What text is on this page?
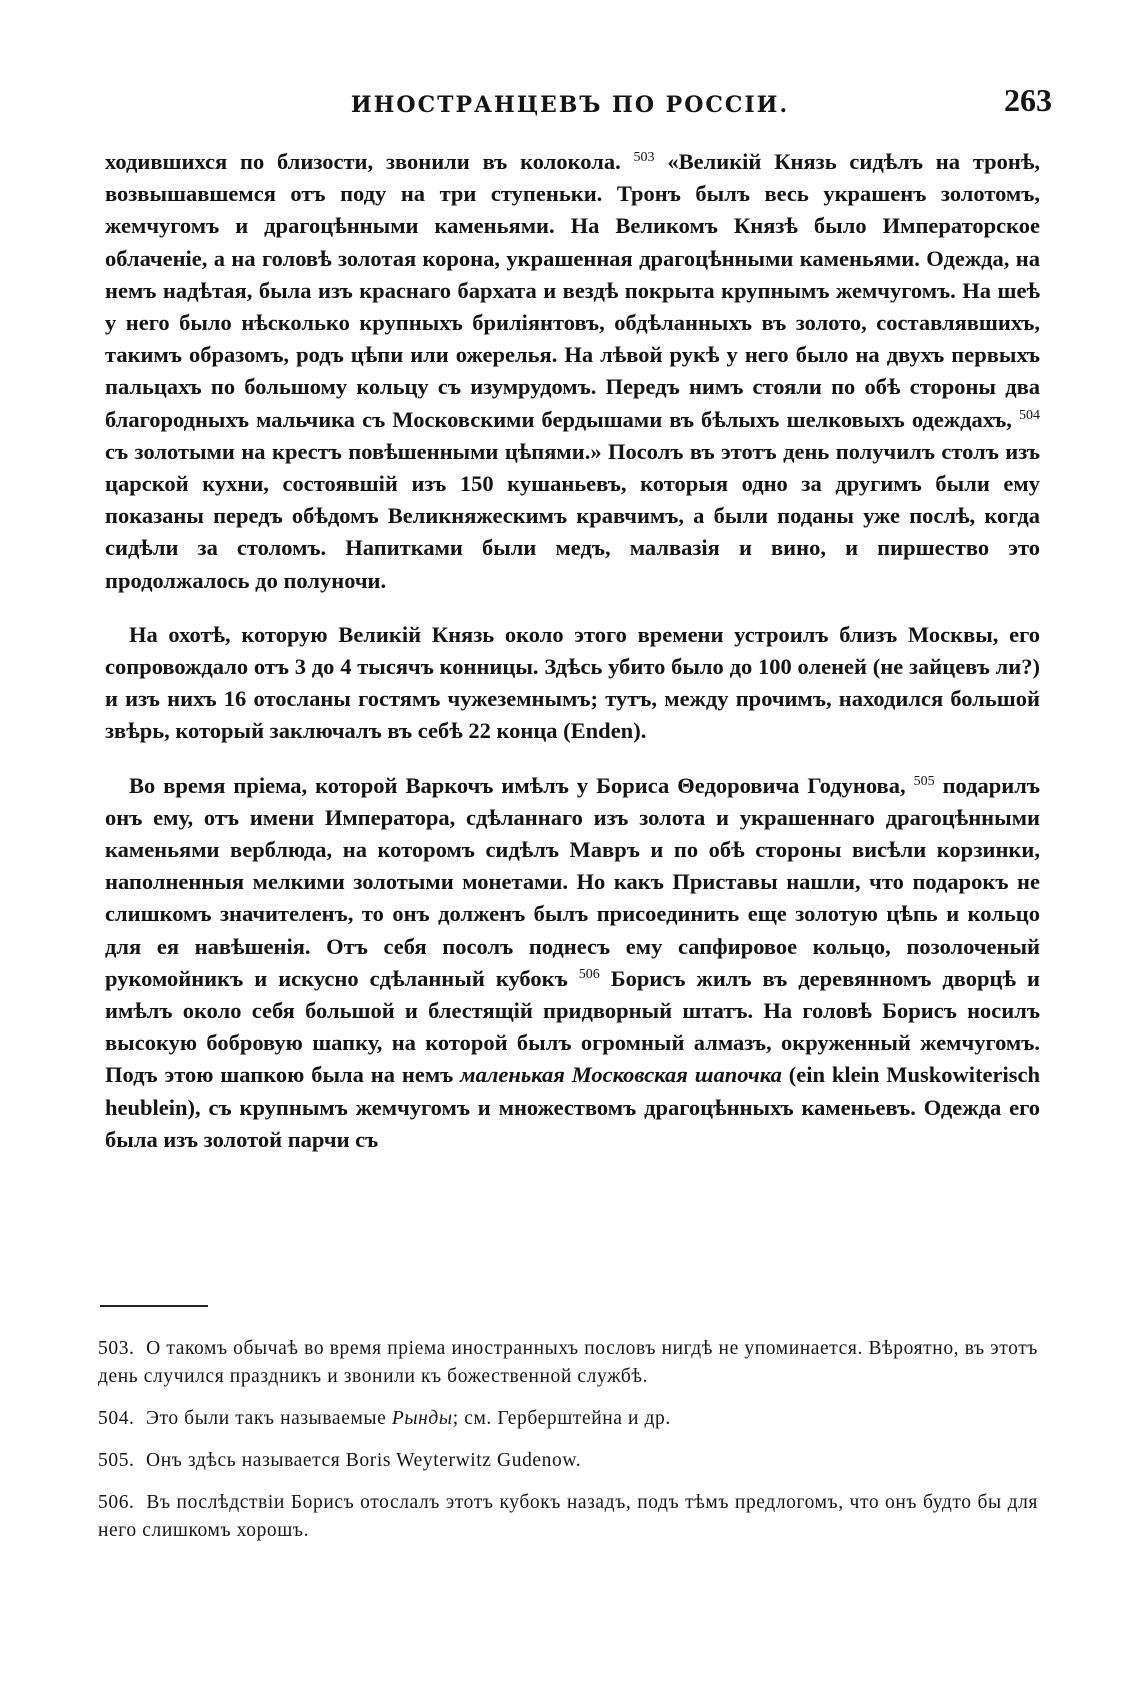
ИНОСТРАНЦЕВЪ ПО РОССІИ.	263

ходившихся по близости, звонили въ колокола. $^{503}$ «Великій Князь сидѣлъ на тронѣ, возвышавшемся отъ поду на три ступеньки. Тронъ былъ весь украшенъ золотомъ, жемчугомъ и драгоцѣнными каменьями. На Великомъ Князѣ было Императорское облаченіе, а на головѣ золотая корона, украшенная драгоцѣнными каменьями. Одежда, на немъ надѣтая, была изъ краснаго бархата и вездѣ покрыта крупнымъ жемчугомъ. На шеѣ у него было нѣсколько крупныхъ бриліянтовъ, обдѣланныхъ въ золото, составлявшихъ, такимъ образомъ, родъ цѣпи или ожерелья. На лѣвой рукѣ у него было на двухъ первыхъ пальцахъ по большому кольцу съ изумрудомъ. Передъ нимъ стояли по обѣ стороны два благородныхъ мальчика съ Московскими бердышами въ бѣлыхъ шелковыхъ одеждахъ, $^{504}$ съ золотыми на крестъ повѣшенными цѣпями.» Посолъ въ этотъ день получилъ столъ изъ царской кухни, состоявшій изъ 150 кушаньевъ, которыя одно за другимъ были ему показаны передъ обѣдомъ Великняжескимъ кравчимъ, а были поданы уже послѣ, когда сидѣли за столомъ. Напитками были медъ, малвазія и вино, и пиршество это продолжалось до полуночи.

На охотѣ, которую Великій Князь около этого времени устроилъ близъ Москвы, его сопровождало отъ 3 до 4 тысячъ конницы. Здѣсь убито было до 100 оленей (не зайцевъ ли?) и изъ нихъ 16 отосланы гостямъ чужеземнымъ; тутъ, между прочимъ, находился большой звѣрь, который заключалъ въ себѣ 22 конца (Enden).

Во время пріема, которой Варкочъ имѣлъ у Бориса Θедоровича Годунова, $^{505}$ подарилъ онъ ему, отъ имени Императора, сдѣланнаго изъ золота и украшеннаго драгоцѣнными каменьями верблюда, на которомъ сидѣлъ Мавръ и по обѣ стороны висѣли корзинки, наполненныя мелкими золотыми монетами. Но какъ Приставы нашли, что подарокъ не слишкомъ значителенъ, то онъ долженъ былъ присоединить еще золотую цѣпь и кольцо для ея навѣшенія. Отъ себя посолъ поднесъ ему сапфировое кольцо, позолоченый рукомойникъ и искусно сдѣланный кубокъ $^{506}$ Борисъ жилъ въ деревянномъ дворцѣ и имѣлъ около себя большой и блестящій придворный штатъ. На головѣ Борисъ носилъ высокую бобровую шапку, на которой былъ огромный алмазъ, окруженный жемчугомъ. Подъ этою шапкою была на немъ маленькая Московская шапочка (ein klein Muskowiterisch heublein), съ крупнымъ жемчугомъ и множествомъ драгоцѣнныхъ каменьевъ. Одежда его была изъ золотой парчи съ

503. О такомъ обычаѣ во время пріема иностранныхъ пословъ нигдѣ не упоминается. Вѣроятно, въ этотъ день случился праздникъ и звонили къ божественной службѣ.

504. Это были такъ называемые Рынды; см. Герберштейна и др.

505. Онъ здѣсь называется Boris Weyterwitz Gudenow.

506. Въ послѣдствіи Борисъ отослалъ этотъ кубокъ назадъ, подъ тѣмъ предлогомъ, что онъ будто бы для него слишкомъ хорошъ.
